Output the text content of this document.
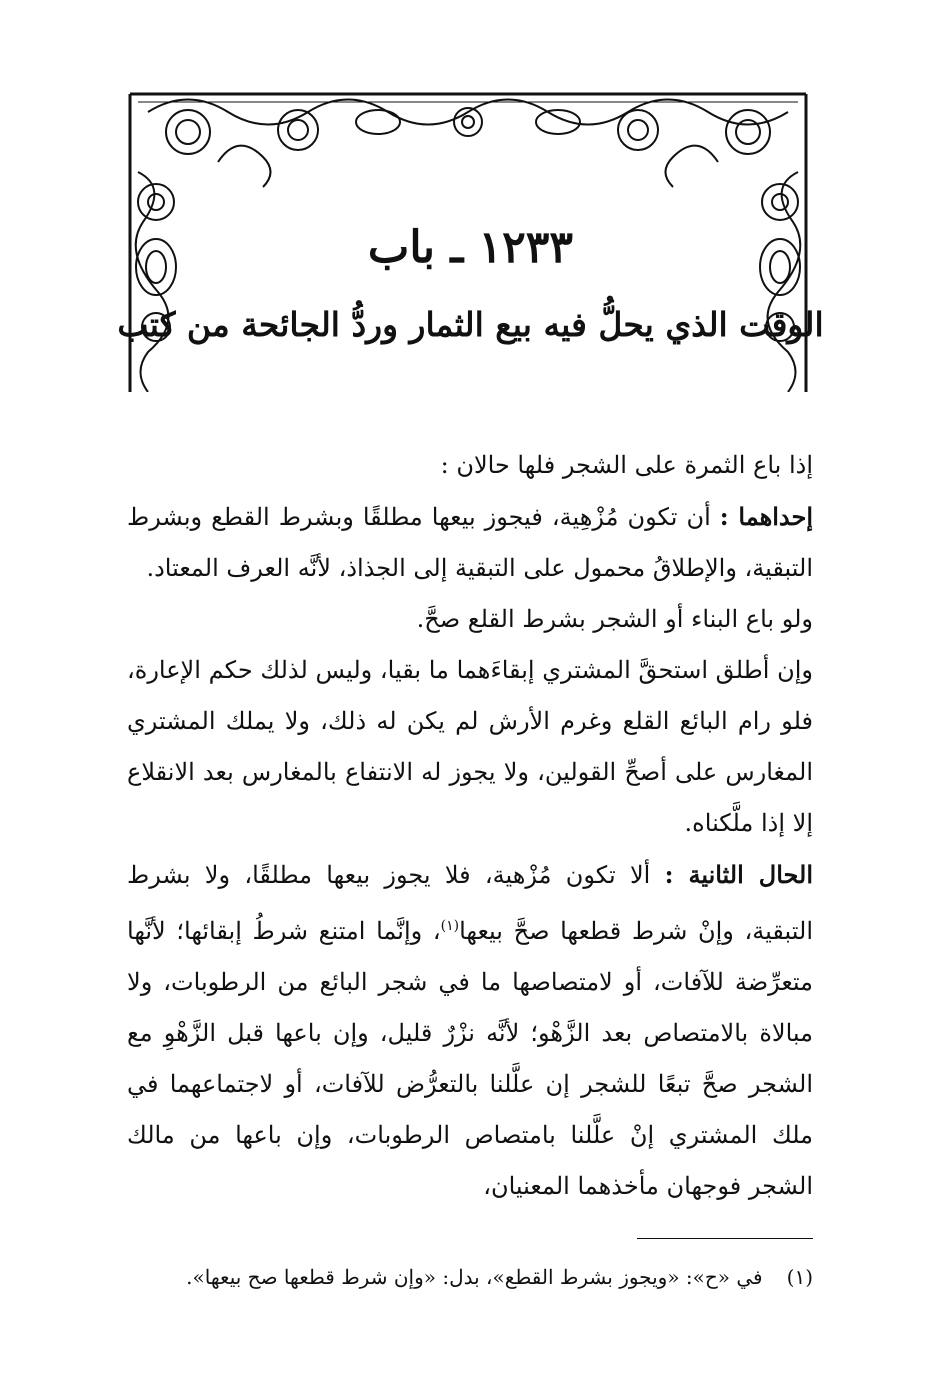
١٢٣٣ ـ باب
الوقت الذي يحلُّ فيه بيع الثمار وردُّ الجائحة من كتب

إذا باع الثمرة على الشجر فلها حالان :

إحداهما : أن تكون مُزْهِية، فيجوز بيعها مطلقًا وبشرط القطع وبشرط التبقية، والإطلاقُ محمول على التبقية إلى الجذاذ، لأنَّه العرف المعتاد.

ولو باع البناء أو الشجر بشرط القلع صحَّ.

وإن أطلق استحقَّ المشتري إبقاءَهما ما بقيا، وليس لذلك حكم الإعارة، فلو رام البائع القلع وغرم الأرش لم يكن له ذلك، ولا يملك المشتري المغارس على أصحِّ القولين، ولا يجوز له الانتفاع بالمغارس بعد الانقلاع إلا إذا ملَّكناه.

الحال الثانية : ألا تكون مُزْهية، فلا يجوز بيعها مطلقًا، ولا بشرط التبقية، وإنْ شرط قطعها صحَّ بيعها$^{(١)}$، وإنَّما امتنع شرطُ إبقائها؛ لأنَّها متعرِّضة للآفات، أو لامتصاصها ما في شجر البائع من الرطوبات، ولا مبالاة بالامتصاص بعد الزَّهْو؛ لأنَّه نزْرٌ قليل، وإن باعها قبل الزَّهْوِ مع الشجر صحَّ تبعًا للشجر إن علَّلنا بالتعرُّض للآفات، أو لاجتماعهما في ملك المشتري إنْ علَّلنا بامتصاص الرطوبات، وإن باعها من مالك الشجر فوجهان مأخذهما المعنيان،

(١)في «ح»: «ويجوز بشرط القطع»، بدل: «وإن شرط قطعها صح بيعها».
